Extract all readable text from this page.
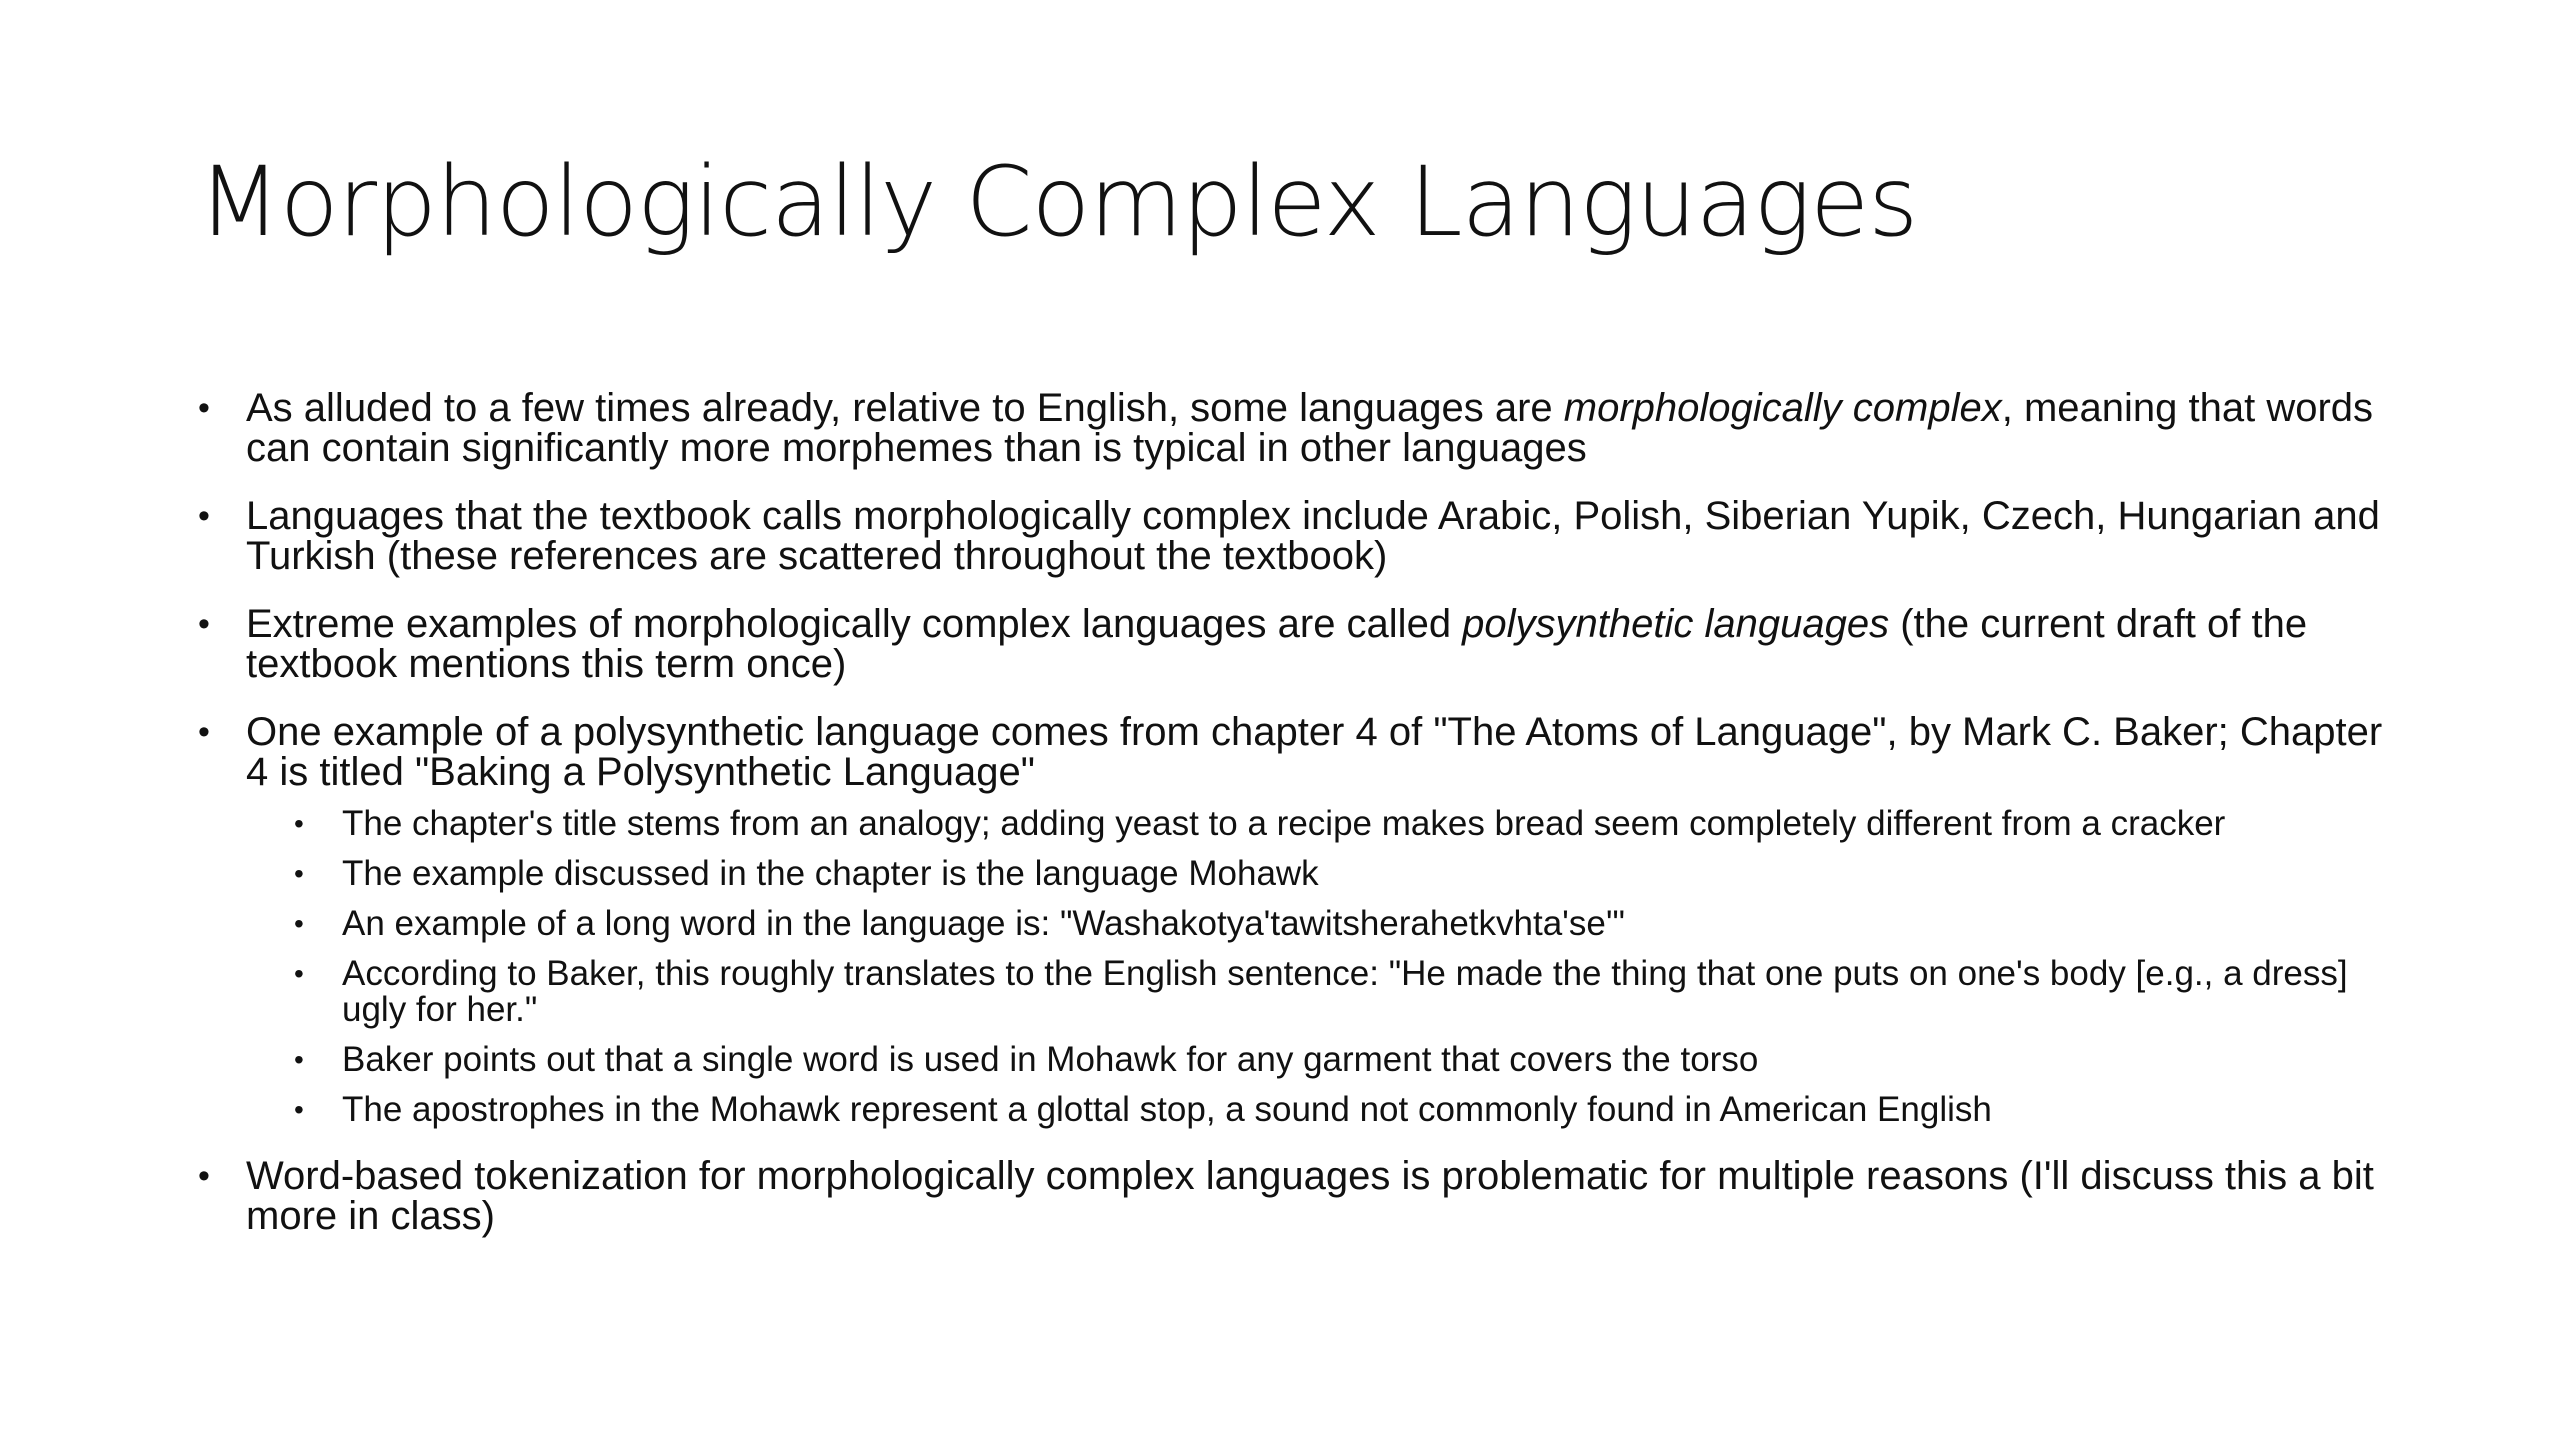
Morphologically Complex Languages
• As alluded to a few times already, relative to English, some languages are morphologically complex, meaning that words can contain significantly more morphemes than is typical in other languages
• Languages that the textbook calls morphologically complex include Arabic, Polish, Siberian Yupik, Czech, Hungarian and Turkish (these references are scattered throughout the textbook)
• Extreme examples of morphologically complex languages are called polysynthetic languages (the current draft of the textbook mentions this term once)
• One example of a polysynthetic language comes from chapter 4 of "The Atoms of Language", by Mark C. Baker; Chapter 4 is titled "Baking a Polysynthetic Language"
•	The chapter's title stems from an analogy; adding yeast to a recipe makes bread seem completely different from a cracker
•	The example discussed in the chapter is the language Mohawk
•	An example of a long word in the language is: "Washakotya'tawitsherahetkvhta'se'"
•	According to Baker, this roughly translates to the English sentence: "He made the thing that one puts on one's body [e.g., a dress] ugly for her."
•	Baker points out that a single word is used in Mohawk for any garment that covers the torso
•	The apostrophes in the Mohawk represent a glottal stop, a sound not commonly found in American English
• Word-based tokenization for morphologically complex languages is problematic for multiple reasons (I'll discuss this a bit more in class)
